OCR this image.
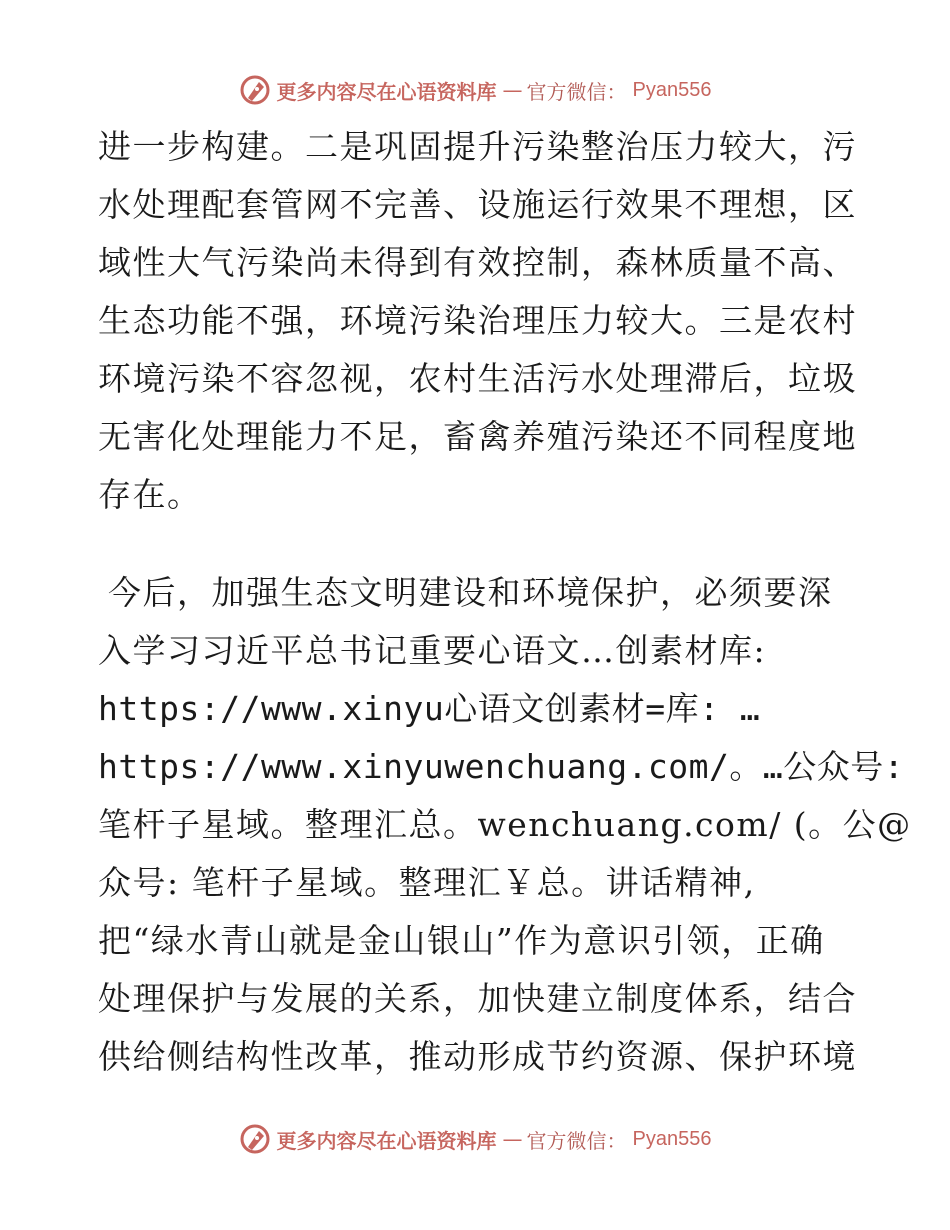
更多内容尽在心语资料库 — 官方微信： Pyan556
进一步构建。二是巩固提升污染整治压力较大，污
水处理配套管网不完善、设施运行效果不理想，区
域性大气污染尚未得到有效控制，森林质量不高、
生态功能不强，环境污染治理压力较大。三是农村
环境污染不容忽视，农村生活污水处理滞后，垃圾
无害化处理能力不足，畜禽养殖污染还不同程度地
存在。
今后，加强生态文明建设和环境保护，必须要深
入学习习近平总书记重要心语文…创素材库:
https://www.xinyu心语文创素材=库: …
https://www.xinyuwenchuang.com/。…公众号:
笔杆子星域。整理汇总。wenchuang.com/ (。公@
众号: 笔杆子星域。整理汇￥总。讲话精神,
把“绿水青山就是金山银山”作为意识引领，正确
处理保护与发展的关系，加快建立制度体系，结合
供给侧结构性改革，推动形成节约资源、保护环境
更多内容尽在心语资料库 — 官方微信： Pyan556
